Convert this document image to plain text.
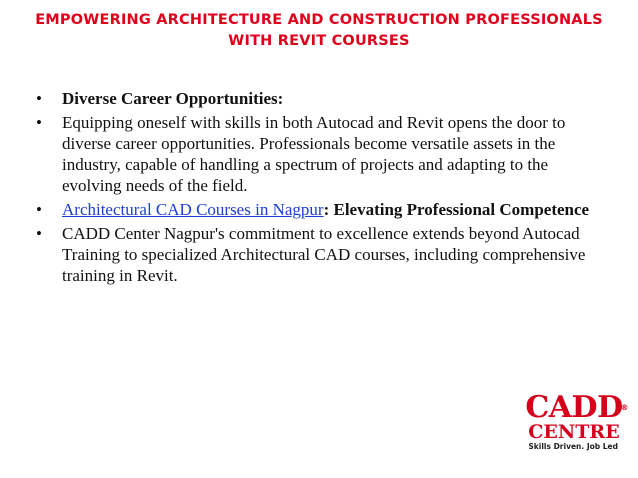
EMPOWERING ARCHITECTURE AND CONSTRUCTION PROFESSIONALS
WITH REVIT COURSES
• Diverse Career Opportunities:
• Equipping oneself with skills in both Autocad and Revit opens the door to diverse career opportunities. Professionals become versatile assets in the industry, capable of handling a spectrum of projects and adapting to the evolving needs of the field.
• Architectural CAD Courses in Nagpur: Elevating Professional Competence
• CADD Center Nagpur's commitment to excellence extends beyond Autocad Training to specialized Architectural CAD courses, including comprehensive training in Revit.
CADD
®
CENTRE
Skills Driven. Job Led
